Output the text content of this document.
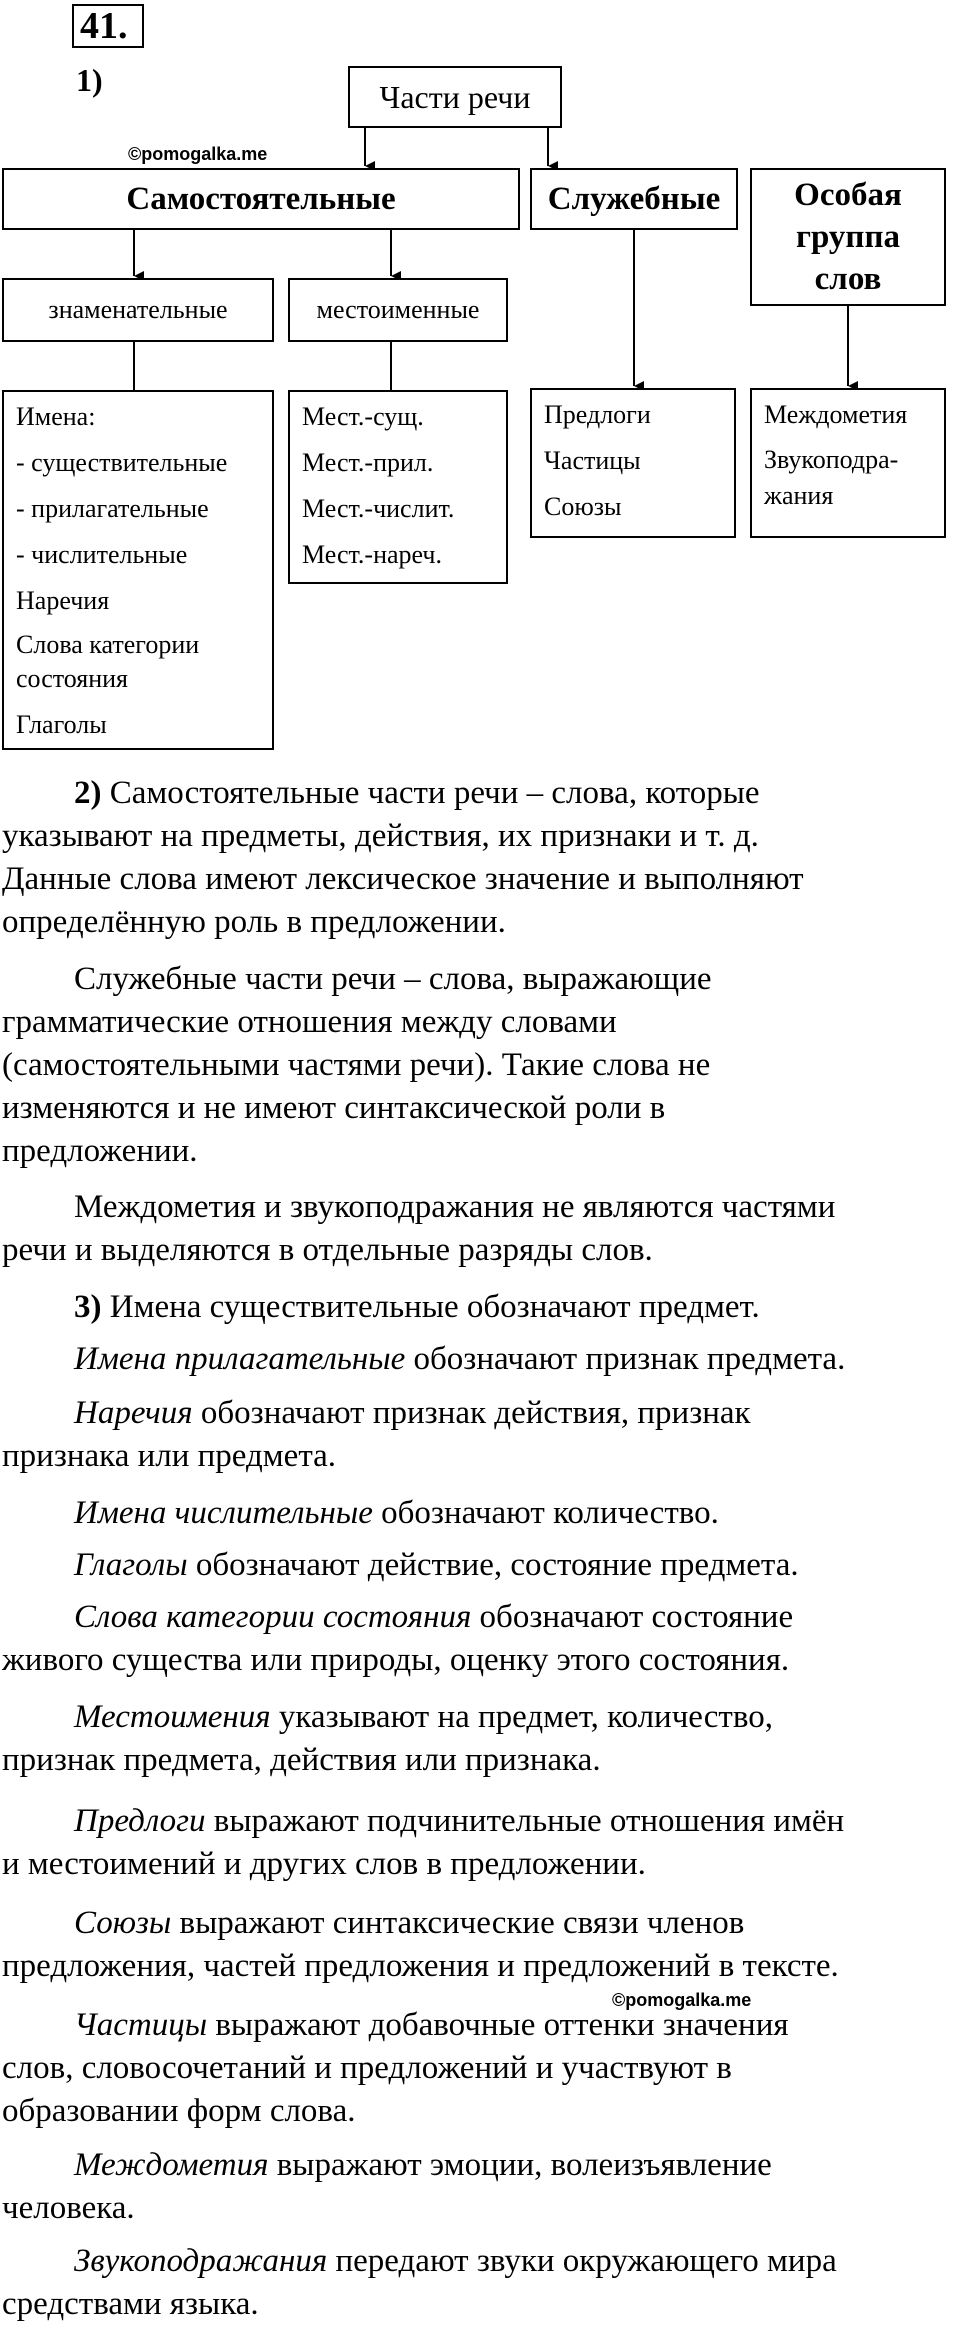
41.
1)	Части речи
©pomogalka.me
Самостоятельные	Служебные Особая
группа
слов
знаменательные	местоименные
Имена:
- существительные
- прилагательные
- числительные
Наречия
Слова категории
состояния
Глаголы
Мест.-сущ.
Мест.-прил.
Мест.-числит.
Мест.-нареч.
Предлоги
Частицы
Союзы
Междометия
Звукоподра-
жания
2) Самостоятельные части речи – слова, которые
указывают на предметы, действия, их признаки и т. д.
Данные слова имеют лексическое значение и выполняют
определённую роль в предложении.
Служебные части речи – слова, выражающие
грамматические отношения между словами
(самостоятельными частями речи). Такие слова не
изменяются и не имеют синтаксической роли в
предложении.
Междометия и звукоподражания не являются частями
речи и выделяются в отдельные разряды слов.
3) Имена существительные обозначают предмет.
Имена прилагательные обозначают признак предмета.
Наречия обозначают признак действия, признак
признака или предмета.
Имена числительные обозначают количество.
Глаголы обозначают действие, состояние предмета.
Слова категории состояния обозначают состояние
живого существа или природы, оценку этого состояния.
Местоимения указывают на предмет, количество,
признак предмета, действия или признака.
Предлоги выражают подчинительные отношения имён
и местоимений и других слов в предложении.
Союзы выражают синтаксические связи членов
предложения, частей предложения и предложений в тексте.
©pomogalka.me
Частицы выражают добавочные оттенки значения
слов, словосочетаний и предложений и участвуют в
образовании форм слова.
Междометия выражают эмоции, волеизъявление
человека.
Звукоподражания передают звуки окружающего мира
средствами языка.
